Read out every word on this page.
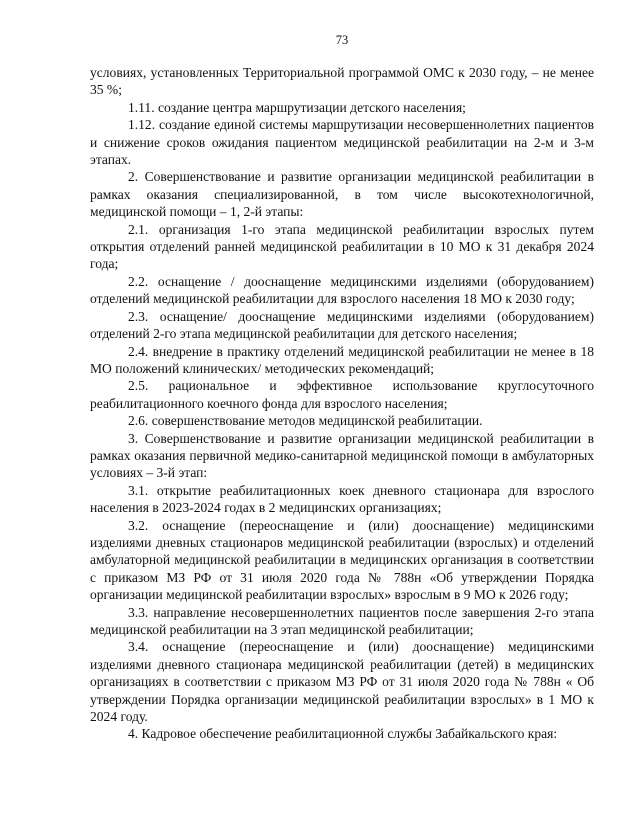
73

условиях, установленных Территориальной программой ОМС к 2030 году, – не менее 35 %;

1.11. создание центра маршрутизации детского населения;

1.12. создание единой системы маршрутизации несовершеннолетних пациентов и снижение сроков ожидания пациентом медицинской реабилитации на 2-м и 3-м этапах.

2. Совершенствование и развитие организации медицинской реабилитации в рамках оказания специализированной, в том числе высокотехнологичной, медицинской помощи – 1, 2-й этапы:

2.1. организация 1-го этапа медицинской реабилитации взрослых путем открытия отделений ранней медицинской реабилитации в 10 МО к 31 декабря 2024 года;

2.2. оснащение / дооснащение медицинскими изделиями (оборудованием) отделений медицинской реабилитации для взрослого населения 18 МО к 2030 году;

2.3. оснащение/ дооснащение медицинскими изделиями (оборудованием) отделений 2-го этапа медицинской реабилитации для детского населения;

2.4. внедрение в практику отделений медицинской реабилитации не менее в 18 МО положений клинических/ методических рекомендаций;

2.5. рациональное и эффективное использование круглосуточного реабилитационного коечного фонда для взрослого населения;

2.6. совершенствование методов медицинской реабилитации.

3. Совершенствование и развитие организации медицинской реабилитации в рамках оказания первичной медико-санитарной медицинской помощи в амбулаторных условиях – 3-й этап:

3.1. открытие реабилитационных коек дневного стационара для взрослого населения в 2023-2024 годах в 2 медицинских организациях;

3.2. оснащение (переоснащение и (или) дооснащение) медицинскими изделиями дневных стационаров медицинской реабилитации (взрослых) и отделений амбулаторной медицинской реабилитации в медицинских организация в соответствии с приказом МЗ РФ от 31 июля 2020 года № 788н «Об утверждении Порядка организации медицинской реабилитации взрослых» взрослым в 9 МО к 2026 году;

3.3. направление несовершеннолетних пациентов после завершения 2-го этапа медицинской реабилитации на 3 этап медицинской реабилитации;

3.4. оснащение (переоснащение и (или) дооснащение) медицинскими изделиями дневного стационара медицинской реабилитации (детей) в медицинских организациях в соответствии с приказом МЗ РФ от 31 июля 2020 года № 788н « Об утверждении Порядка организации медицинской реабилитации взрослых» в 1 МО к 2024 году.

4. Кадровое обеспечение реабилитационной службы Забайкальского края:
